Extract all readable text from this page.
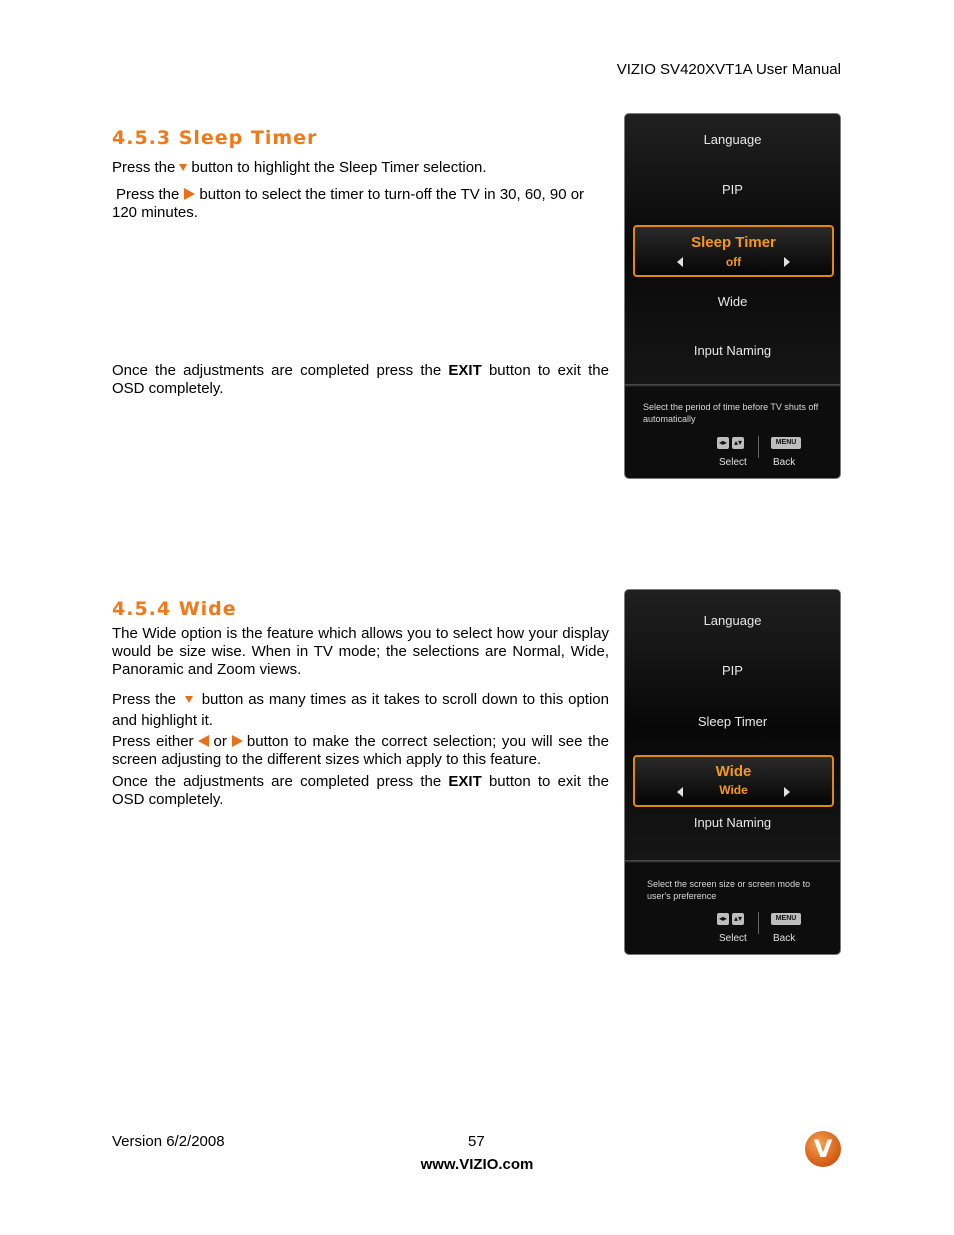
VIZIO SV420XVT1A User Manual
4.5.3 Sleep Timer
Press the button to highlight the Sleep Timer selection.
Press the button to select the timer to turn-off the TV in 30, 60, 90 or 120 minutes.
Once the adjustments are completed press the EXIT button to exit the OSD completely.
Language
PIP
Sleep Timer
off
Wide
Input Naming
Select the period of time before TV shuts off automatically
◂▸ ▴▾	MENU
Select	Back
4.5.4 Wide
The Wide option is the feature which allows you to select how your display would be size wise. When in TV mode; the selections are Normal, Wide, Panoramic and Zoom views.
Press the button as many times as it takes to scroll down to this option and highlight it.
Press either or button to make the correct selection; you will see the screen adjusting to the different sizes which apply to this feature.
Once the adjustments are completed press the EXIT button to exit the OSD completely.
Language
PIP
Sleep Timer
Wide
Wide
Input Naming
Select the screen size or screen mode to user's preference
◂▸ ▴▾	MENU
Select	Back
Version 6/2/2008	57
www.VIZIO.com
V
